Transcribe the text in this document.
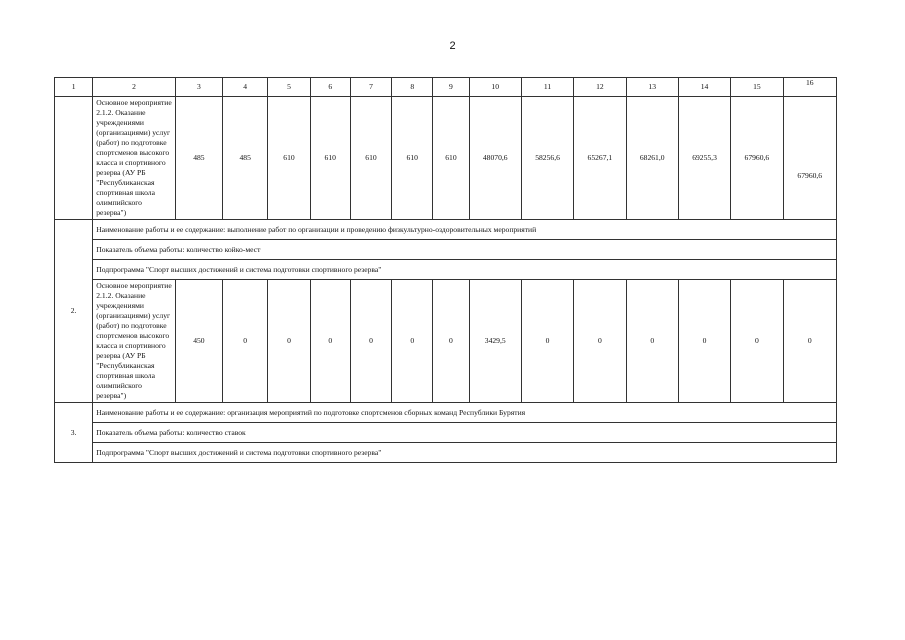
2
1	2	3	4	5	6	7	8	9	10	11	12	13	14	15	16
	Основное мероприятие 2.1.2. Оказание учреждениями (организациями) услуг (работ) по подготовке спортсменов высокого класса и спортивного резерва (АУ РБ "Республиканская спортивная школа олимпийского резерва")	485	485	610	610	610	610	610	48070,6	58256,6	65267,1	68261,0	69255,3	67960,6	67960,6
2.	Наименование работы и ее содержание: выполнение работ по организации и проведению физкультурно-оздоровительных мероприятий														
	Показатель объема работы: количество койко-мест														
	Подпрограмма "Спорт высших достижений и система подготовки спортивного резерва"														
	Основное мероприятие 2.1.2. Оказание учреждениями (организациями) услуг (работ) по подготовке спортсменов высокого класса и спортивного резерва (АУ РБ "Республиканская спортивная школа олимпийского резерва")	450	0	0	0	0	0	0	3429,5	0	0	0	0	0	0
3.	Наименование работы и ее содержание: организация мероприятий по подготовке спортсменов сборных команд Республики Бурятия														
	Показатель объема работы: количество ставок														
	Подпрограмма "Спорт высших достижений и система подготовки спортивного резерва"														
